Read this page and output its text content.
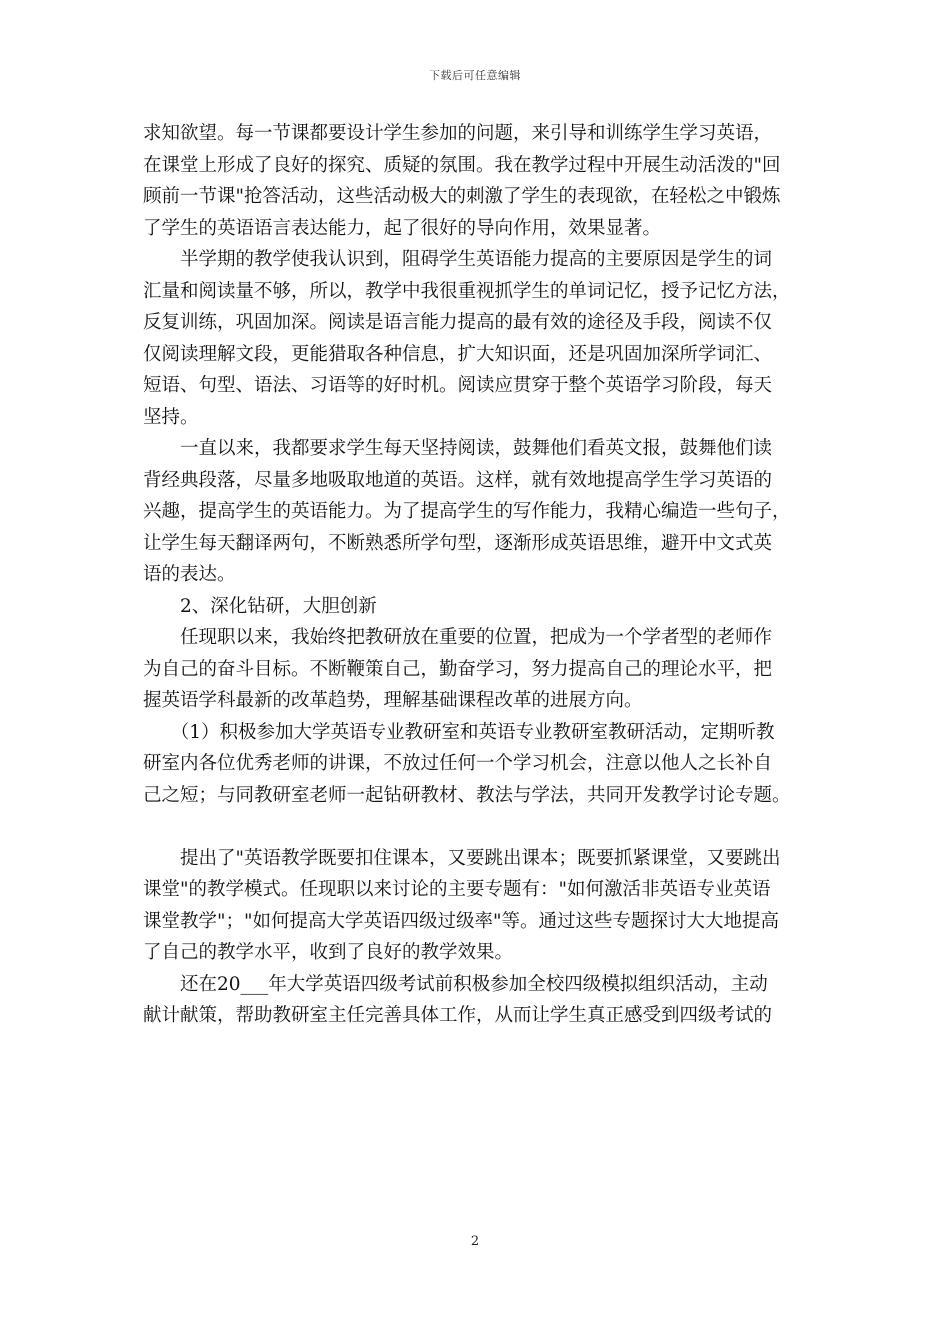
下载后可任意编辑
求知欲望。每一节课都要设计学生参加的问题，来引导和训练学生学习英语，
在课堂上形成了良好的探究、质疑的氛围。我在教学过程中开展生动活泼的"回
顾前一节课"抢答活动，这些活动极大的刺激了学生的表现欲，在轻松之中锻炼
了学生的英语语言表达能力，起了很好的导向作用，效果显著。
　　半学期的教学使我认识到，阻碍学生英语能力提高的主要原因是学生的词
汇量和阅读量不够，所以，教学中我很重视抓学生的单词记忆，授予记忆方法，
反复训练，巩固加深。阅读是语言能力提高的最有效的途径及手段，阅读不仅
仅阅读理解文段，更能猎取各种信息，扩大知识面，还是巩固加深所学词汇、
短语、句型、语法、习语等的好时机。阅读应贯穿于整个英语学习阶段，每天
坚持。
　　一直以来，我都要求学生每天坚持阅读，鼓舞他们看英文报，鼓舞他们读
背经典段落，尽量多地吸取地道的英语。这样，就有效地提高学生学习英语的
兴趣，提高学生的英语能力。为了提高学生的写作能力，我精心编造一些句子，
让学生每天翻译两句，不断熟悉所学句型，逐渐形成英语思维，避开中文式英
语的表达。
　　2、深化钻研，大胆创新
　　任现职以来，我始终把教研放在重要的位置，把成为一个学者型的老师作
为自己的奋斗目标。不断鞭策自己，勤奋学习，努力提高自己的理论水平，把
握英语学科最新的改革趋势，理解基础课程改革的进展方向。
　　（1）积极参加大学英语专业教研室和英语专业教研室教研活动，定期听教
研室内各位优秀老师的讲课，不放过任何一个学习机会，注意以他人之长补自
己之短；与同教研室老师一起钻研教材、教法与学法，共同开发教学讨论专题。
　　提出了"英语教学既要扣住课本，又要跳出课本；既要抓紧课堂，又要跳出
课堂"的教学模式。任现职以来讨论的主要专题有："如何激活非英语专业英语
课堂教学"；"如何提高大学英语四级过级率"等。通过这些专题探讨大大地提高
了自己的教学水平，收到了良好的教学效果。
　　还在20___年大学英语四级考试前积极参加全校四级模拟组织活动，主动
献计献策，帮助教研室主任完善具体工作，从而让学生真正感受到四级考试的
2
